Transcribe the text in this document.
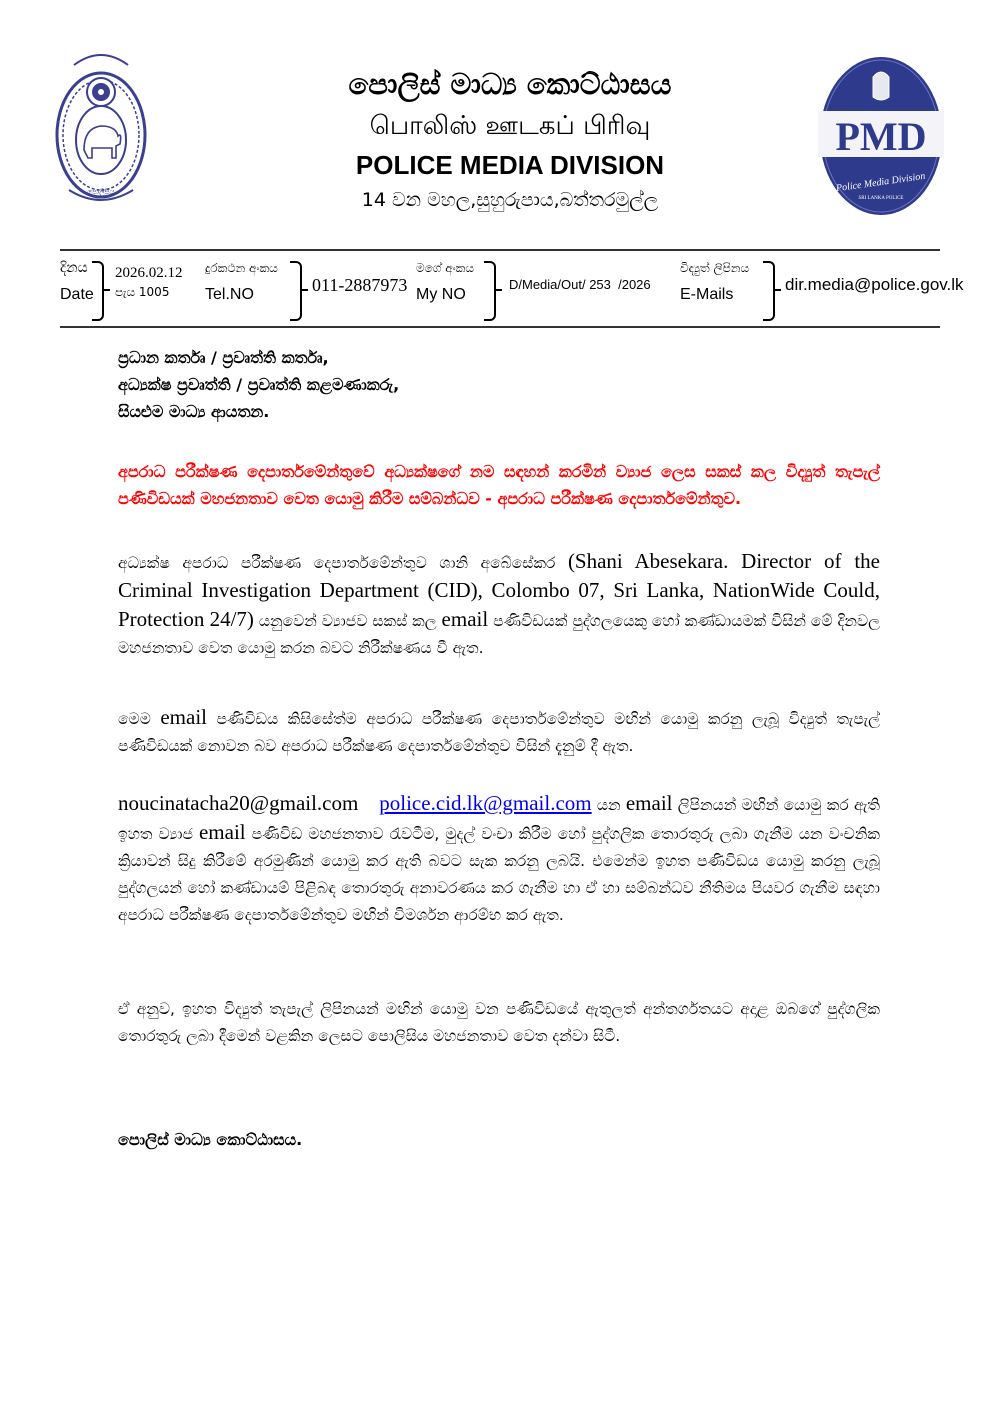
පොලිසිය
පොලිස් මාධ්‍ය කොට්ඨාසය
பொலிஸ் ஊடகப் பிரிவு
POLICE MEDIA DIVISION
14 වන මහල,සුහුරුපාය,බත්තරමුල්ල
PMD
Police Media Division
SRI LANKA POLICE
දිනය
Date
2026.02.12
පැය 1005
දුරකථන අංකය
Tel.NO	011-2887973
මගේ අංකය
My NO
D/Media/Out/ 253  /2026
විද්‍යුත් ලිපිනය
E-Mails
dir.media@police.gov.lk
ප්‍රධාන කර්තෘ / ප්‍රවෘත්ති කර්තෘ,
අධ්‍යක්ෂ ප්‍රවෘත්ති / ප්‍රවෘත්ති කළමණාකරු,
සියළුම මාධ්‍ය ආයතන.
අපරාධ පරීක්ෂණ දෙපාර්තමේන්තුවේ අධ්‍යක්ෂගේ නම සඳහන් කරමින් ව්‍යාජ ලෙස සකස් කල විද්‍යුත් තැපැල් පණිවිඩයක් මහජනතාව වෙත යොමු කිරීම සම්බන්ධව - අපරාධ පරීක්ෂණ දෙපාර්තමේන්තුව.
අධ්‍යක්ෂ අපරාධ පරීක්ෂණ දෙපාර්තමේන්තුව ශානි අබේසේකර (Shani Abesekara. Director of the Criminal Investigation Department (CID), Colombo 07, Sri Lanka, NationWide Could, Protection 24/7) යනුවෙන් ව්‍යාජව සකස් කල email පණිවිඩයක් පුද්ගලයෙකු හෝ කණ්ඩායමක් විසින් මේ දිනවල මහජනතාව වෙත යොමු කරන බවට නිරීක්ෂණය වී ඇත.
මෙම email පණිවිඩය කිසිසේත්ම අපරාධ පරීක්ෂණ දෙපාර්තමේන්තුව මඟින් යොමු කරනු ලැබූ විද්‍යුත් තැපැල් පණිවිඩයක් නොවන බව අපරාධ පරීක්ෂණ දෙපාර්තමේන්තුව විසින් දැනුම් දී ඇත.
noucinatacha20@gmail.com police.cid.lk@gmail.com යන email ලිපිනයන් මඟින් යොමු කර ඇති ඉහත ව්‍යාජ email පණිවිඩ මහජනතාව රැවටීම, මුදල් වංචා කිරීම හෝ පුද්ගලික තොරතුරු ලබා ගැනීම යන වංචනික ක්‍රියාවන් සිදු කිරීමේ අරමුණින් යොමු කර ඇති බවට සැක කරනු ලබයි. එමෙන්ම ඉහත පණිවිඩය යොමු කරනු ලැබූ පුද්ගලයන් හෝ කණ්ඩායම් පිළිබඳ තොරතුරු අනාවරණය කර ගැනීම හා ඒ හා සම්බන්ධව නීතිමය පියවර ගැනීම සඳහා අපරාධ පරීක්ෂණ දෙපාර්තමේන්තුව මඟින් විමර්ශන ආරම්භ කර ඇත.
ඒ අනුව, ඉහත විද්‍යුත් තැපැල් ලිපිනයන් මඟින් යොමු වන පණිවිඩයේ ඇතුලත් අන්තර්ගතයට අදාළ ඔබගේ පුද්ගලික තොරතුරු ලබා දීමෙන් වළකින ලෙසට පොලිසිය මහජනතාව වෙත දන්වා සිටී.
පොලිස් මාධ්‍ය කොට්ඨාසය.
